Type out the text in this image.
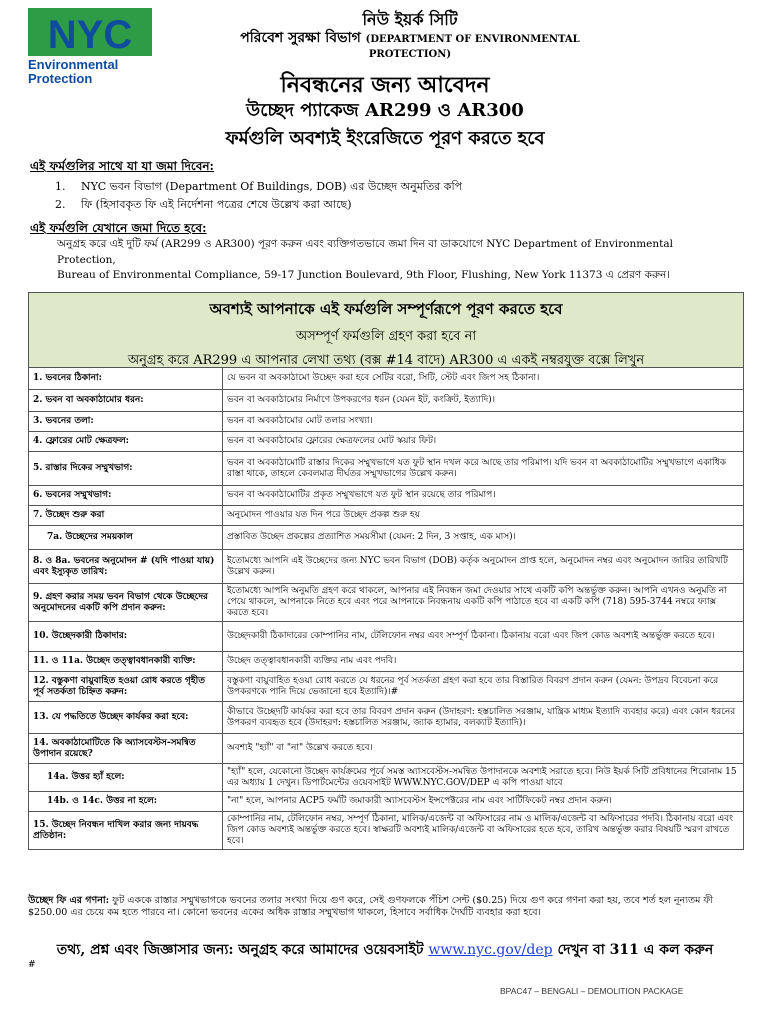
NYC
Environmental
Protection
নিউ ইয়র্ক সিটি
পরিবেশ সুরক্ষা বিভাগ (DEPARTMENT OF ENVIRONMENTAL
PROTECTION)
নিবন্ধনের জন্য আবেদন
উচ্ছেদ প্যাকেজ AR299 ও AR300
ফর্মগুলি অবশ্যই ইংরেজিতে পূরণ করতে হবে
এই ফর্মগুলির সাথে যা যা জমা দিবেন:
1. NYC ভবন বিভাগ (Department Of Buildings, DOB) এর উচ্ছেদ অনুমতির কপি
2. ফি (হিসাবকৃত ফি এই নির্দেশনা পত্রের শেষে উল্লেখ করা আছে)
এই ফর্মগুলি যেখানে জমা দিতে হবে:
অনুগ্রহ করে এই দুটি ফর্ম (AR299 ও AR300) পূরণ করুন এবং ব্যক্তিগতভাবে জমা দিন বা ডাকযোগে NYC Department of Environmental
Protection,
Bureau of Environmental Compliance, 59-17 Junction Boulevard, 9th Floor, Flushing, New York 11373 এ প্রেরণ করুন।
অবশ্যই আপনাকে এই ফর্মগুলি সম্পূর্ণরূপে পূরণ করতে হবে
অসম্পূর্ণ ফর্মগুলি গ্রহণ করা হবে না
অনুগ্রহ করে AR299 এ আপনার লেখা তথ্য (বক্স #14 বাদে) AR300 এ একই নম্বরযুক্ত বক্সে লিখুন
1. ভবনের ঠিকানা:	যে ভবন বা অবকাঠামো উচ্ছেদ করা হবে সেটির বরো, সিটি, স্টেট এবং জিপ সহ ঠিকানা।
2. ভবন বা অবকাঠামোর ধরন:	ভবন বা অবকাঠামোর নির্মাণে উপকরণের ধরন (যেমন ইট, কংক্রিট, ইত্যাদি)।
3. ভবনের তলা:	ভবন বা অবকাঠামোর মোট তলার সংখ্যা।
4. ফ্লোরের মোট ক্ষেত্রফল:	ভবন বা অবকাঠামোর ফ্লোরের ক্ষেত্রফলের মোট স্কয়ার ফিট।
5. রাস্তার দিকের সম্মুখভাগ:	ভবন বা অবকাঠামোটি রাস্তার দিকের সম্মুখভাগে যত ফুট স্থান দখল করে আছে তার পরিমাপ। যদি ভবন বা অবকাঠামোটির সম্মুখভাগে একাধিক রাস্তা থাকে, তাহলে কেবলমাত্র দীর্ঘতর সম্মুখভাগের উল্লেখ করুন।
6. ভবনের সম্মুখভাগ:	ভবন বা অবকাঠামোটির প্রকৃত সম্মুখভাগে যত ফুট স্থান রয়েছে তার পরিমাপ।
7. উচ্ছেদ শুরু করা	অনুমোদন পাওয়ার যত দিন পরে উচ্ছেদ প্রকল্প শুরু হয়
7a. উচ্ছেদের সময়কাল	প্রস্তাবিত উচ্ছেদ প্রকল্পের প্রত্যাশিত সময়সীমা (যেমন: 2 দিন, 3 সপ্তাহ, এক মাস)।
8. ও 8a. ভবনের অনুমোদন # (যদি পাওয়া যায়) এবং ইস্যুকৃত তারিখ:	ইতোমধ্যে আপনি এই উচ্ছেদের জন্য NYC ভবন বিভাগ (DOB) কর্তৃক অনুমোদন প্রাপ্ত হলে, অনুমোদন নম্বর এবং অনুমোদন জারির তারিখটি উল্লেখ করুন।
9. গ্রহণ করার সময় ভবন বিভাগ থেকে উচ্ছেদের অনুমোদনের একটি কপি প্রদান করুন:	ইতোমধ্যে আপনি অনুমতি গ্রহণ করে থাকলে, আপনার এই নিবন্ধন জমা দেওয়ার সাথে একটি কপি অন্তর্ভুক্ত করুন। আপনি এখনও অনুমতি না পেয়ে থাকলে, আপনাকে নিতে হবে এবং পরে আপনাকে নিবন্ধনায় একটি কপি পাঠাতে হবে বা একটি কপি (718) 595-3744 নম্বরে ফ্যাক্স করতে হবে।
10. উচ্ছেদকারী ঠিকাদার:	উচ্ছেদকারী ঠিকাদারের কোম্পানির নাম, টেলিফোন নম্বর এবং সম্পূর্ণ ঠিকানা। ঠিকানায় বরো এবং জিপ কোড অবশ্যই অন্তর্ভুক্ত করতে হবে।
11. ও 11a. উচ্ছেদ তত্ত্বাবধানকারী ব্যক্তি:	উচ্ছেদ তত্ত্বাবধানকারী ব্যক্তির নাম এবং পদবি।
12. বস্তুকণা বায়ুবাহিত হওয়া রোধ করতে গৃহীত পূর্ব সতর্কতা চিহ্নিত করুন:	বস্তুকণা বায়ুবাহিত হওয়া রোধ করতে যে ধরনের পূর্ব সতর্কতা গ্রহণ করা হবে তার বিস্তারিত বিবরণ প্রদান করুন (যেমন: উপদ্রব বিবেচনা করে উপকরণকে পানি দিয়ে ভেজানো হবে ইত্যাদি)।#
13. যে পদ্ধতিতে উচ্ছেদ কার্যকর করা হবে:	কীভাবে উচ্ছেদটি কার্যকর করা হবে তার বিবরণ প্রদান করুন (উদাহরণ: হস্তচালিত সরঞ্জাম, যান্ত্রিক মাধ্যম ইত্যাদি ব্যবহার করে) এবং কোন ধরনের উপকরণ ব্যবহৃত হবে (উদাহরণ: হস্তচালিত সরঞ্জাম, জ্যাক হ্যামার, বলক্যাট ইত্যাদি)।
14. অবকাঠামোটিতে কি অ্যাসবেস্টস-সমন্বিত উপাদান রয়েছে?	অবশ্যই "হ্যাঁ" বা "না" উল্লেখ করতে হবে।
14a. উত্তর হ্যাঁ হলে:	"হ্যাঁ" হলে, যেকোনো উচ্ছেদ কার্যক্রমের পূর্বে সমস্ত অ্যাসবেস্টস-সমন্বিত উপাদানকে অবশ্যই সরাতে হবে। নিউ ইয়র্ক সিটি প্রবিধানের শিরোনাম 15 এর অধ্যায় 1 দেখুন। ডিপার্টমেন্টের ওয়েবসাইট WWW.NYC.GOV/DEP এ কপি পাওয়া যাবে
14b. ও 14c. উত্তর না হলে:	"না" হলে, আপনার ACP5 ফর্মটি জমাকারী অ্যাসবেস্টস ইন্সপেক্টরের নাম এবং সার্টিফিকেট নম্বর প্রদান করুন।
15. উচ্ছেদ নিবন্ধন দাখিল করার জন্য দায়বদ্ধ প্রতিষ্ঠান:	কোম্পানির নাম, টেলিফোন নম্বর, সম্পূর্ণ ঠিকানা, মালিক/এজেন্ট বা অফিসারের নাম ও মালিক/এজেন্ট বা অফিসারের পদবি। ঠিকানায় বরো এবং জিপ কোড অবশ্যই অন্তর্ভুক্ত করতে হবে। স্বাক্ষরটি অবশ্যই মালিক/এজেন্ট বা অফিসারের হতে হবে, তারিখ অন্তর্ভুক্ত করার বিষয়টি স্মরণ রাখতে হবে।
উচ্ছেদ ফি এর গণনা: ফুট এককে রাস্তার সম্মুখভাগকে ভবনের তলার সংখ্যা দিয়ে গুণ করে, সেই গুণফলকে পঁচিশ সেন্ট ($0.25) দিয়ে গুণ করে গণনা করা হয়, তবে শর্ত হল নূন্যতম ফী $250.00 এর চেয়ে কম হতে পারবে না। কোনো ভবনের একের অধিক রাস্তার সম্মুখভাগ থাকলে, হিসাবে সর্বাধিক দৈর্ঘটি ব্যবহার করা হবে।
তথ্য, প্রশ্ন এবং জিজ্ঞাসার জন্য: অনুগ্রহ করে আমাদের ওয়েবসাইট www.nyc.gov/dep দেখুন বা 311 এ কল করুন
#
BPAC47 – BENGALI – DEMOLITION PACKAGE
